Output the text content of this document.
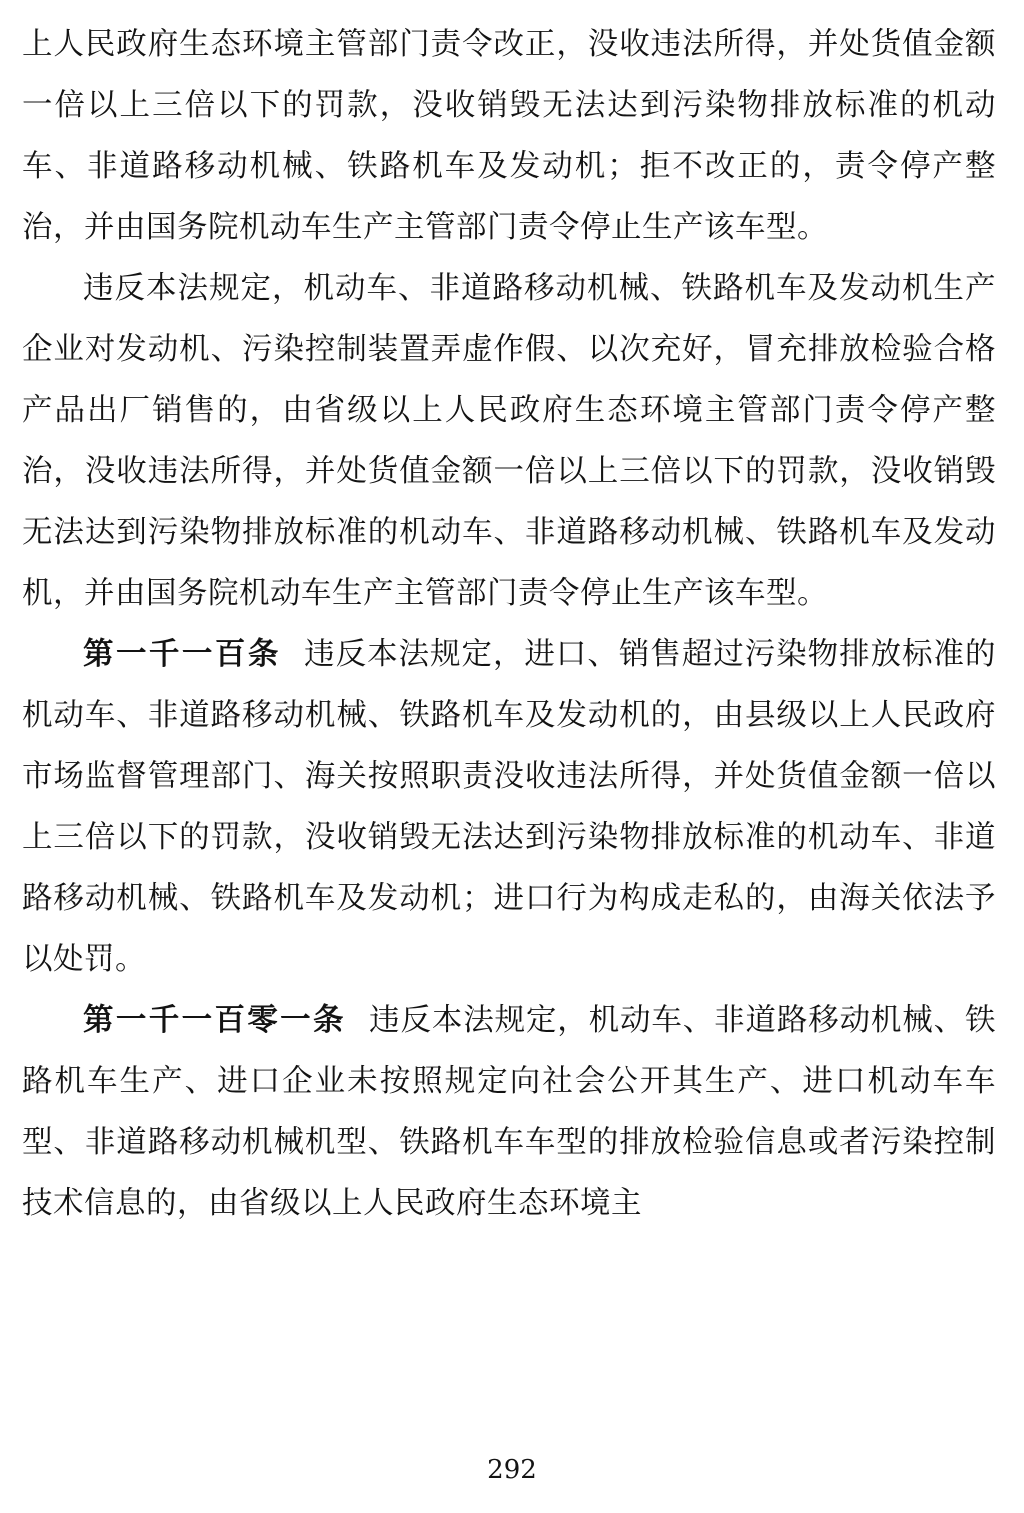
上人民政府生态环境主管部门责令改正，没收违法所得，并处货值金额一倍以上三倍以下的罚款，没收销毁无法达到污染物排放标准的机动车、非道路移动机械、铁路机车及发动机；拒不改正的，责令停产整治，并由国务院机动车生产主管部门责令停止生产该车型。

违反本法规定，机动车、非道路移动机械、铁路机车及发动机生产企业对发动机、污染控制装置弄虚作假、以次充好，冒充排放检验合格产品出厂销售的，由省级以上人民政府生态环境主管部门责令停产整治，没收违法所得，并处货值金额一倍以上三倍以下的罚款，没收销毁无法达到污染物排放标准的机动车、非道路移动机械、铁路机车及发动机，并由国务院机动车生产主管部门责令停止生产该车型。

第一千一百条 违反本法规定，进口、销售超过污染物排放标准的机动车、非道路移动机械、铁路机车及发动机的，由县级以上人民政府市场监督管理部门、海关按照职责没收违法所得，并处货值金额一倍以上三倍以下的罚款，没收销毁无法达到污染物排放标准的机动车、非道路移动机械、铁路机车及发动机；进口行为构成走私的，由海关依法予以处罚。

第一千一百零一条 违反本法规定，机动车、非道路移动机械、铁路机车生产、进口企业未按照规定向社会公开其生产、进口机动车车型、非道路移动机械机型、铁路机车车型的排放检验信息或者污染控制技术信息的，由省级以上人民政府生态环境主

292
